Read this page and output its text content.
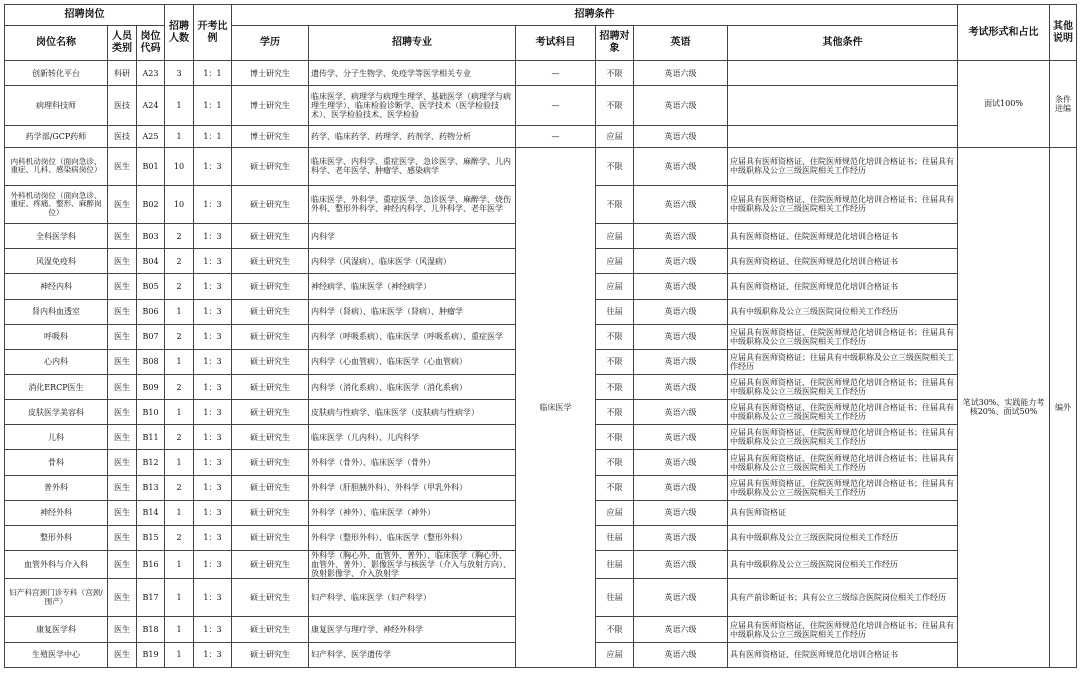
招聘岗位			招聘人数	开考比例	招聘条件						考试形式和占比	其他说明
岗位名称	人员类别	岗位代码			学历	招聘专业	考试科目	招聘对象	英语	其他条件		
创新转化平台	科研	A23	3	1：1	博士研究生	遗传学、分子生物学、免疫学等医学相关专业	—	不限	英语六级		面试100%	条件进编
病理科技师	医技	A24	1	1：1	博士研究生	临床医学、病理学与病理生理学、基础医学（病理学与病理生理学）、临床检验诊断学、医学技术（医学检验技术）、医学检验技术、医学检验	—	不限	英语六级			
药学部/GCP药师	医技	A25	1	1：1	博士研究生	药学、临床药学、药理学、药剂学、药物分析	—	应届	英语六级			
内科机动岗位（面向急诊、重症、儿科、感染病岗位）	医生	B01	10	1：3	硕士研究生	临床医学、内科学、重症医学、急诊医学、麻醉学、儿内科学、老年医学、肿瘤学、感染病学	临床医学	不限	英语六级	应届具有医师资格证、住院医师规范化培训合格证书；往届具有中级职称及公立三级医院相关工作经历	笔试30%、实践能力考核20%、面试50%	编外
外科机动岗位（面向急诊、重症、疼痛、整形、麻醉岗位）	医生	B02	10	1：3	硕士研究生	临床医学、外科学、重症医学、急诊医学、麻醉学、烧伤外科、整形外科学、神经内科学、儿外科学、老年医学		不限	英语六级	应届具有医师资格证、住院医师规范化培训合格证书；往届具有中级职称及公立三级医院相关工作经历		
全科医学科	医生	B03	2	1：3	硕士研究生	内科学		应届	英语六级	具有医师资格证、住院医师规范化培训合格证书		
风湿免疫科	医生	B04	2	1：3	硕士研究生	内科学（风湿病）、临床医学（风湿病）		应届	英语六级	具有医师资格证、住院医师规范化培训合格证书		
神经内科	医生	B05	2	1：3	硕士研究生	神经病学、临床医学（神经病学）		应届	英语六级	具有医师资格证、住院医师规范化培训合格证书		
肾内科血透室	医生	B06	1	1：3	硕士研究生	内科学（肾病）、临床医学（肾病）、肿瘤学		往届	英语六级	具有中级职称及公立三级医院岗位相关工作经历		
呼吸科	医生	B07	2	1：3	硕士研究生	内科学（呼吸系病）、临床医学（呼吸系病）、重症医学		不限	英语六级	应届具有医师资格证、住院医师规范化培训合格证书；往届具有中级职称及公立三级医院相关工作经历		
心内科	医生	B08	1	1：3	硕士研究生	内科学（心血管病）、临床医学（心血管病）		不限	英语六级	应届具有医师资格证；往届具有中级职称及公立三级医院相关工作经历		
消化ERCP医生	医生	B09	2	1：3	硕士研究生	内科学（消化系病）、临床医学（消化系病）		不限	英语六级	应届具有医师资格证、住院医师规范化培训合格证书；往届具有中级职称及公立三级医院相关工作经历		
皮肤医学美容科	医生	B10	1	1：3	硕士研究生	皮肤病与性病学、临床医学（皮肤病与性病学）		不限	英语六级	应届具有医师资格证、住院医师规范化培训合格证书；往届具有中级职称及公立三级医院相关工作经历		
儿科	医生	B11	2	1：3	硕士研究生	临床医学（儿内科）、儿内科学		不限	英语六级	应届具有医师资格证、住院医师规范化培训合格证书；往届具有中级职称及公立三级医院相关工作经历		
骨科	医生	B12	1	1：3	硕士研究生	外科学（骨外）、临床医学（骨外）		不限	英语六级	应届具有医师资格证、住院医师规范化培训合格证书；往届具有中级职称及公立三级医院相关工作经历		
普外科	医生	B13	2	1：3	硕士研究生	外科学（肝胆胰外科）、外科学（甲乳外科）		不限	英语六级	应届具有医师资格证、住院医师规范化培训合格证书；往届具有中级职称及公立三级医院相关工作经历		
神经外科	医生	B14	1	1：3	硕士研究生	外科学（神外）、临床医学（神外）		应届	英语六级	具有医师资格证		
整形外科	医生	B15	2	1：3	硕士研究生	外科学（整形外科）、临床医学（整形外科）		往届	英语六级	具有中级职称及公立三级医院岗位相关工作经历		
血管外科与介入科	医生	B16	1	1：3	硕士研究生	外科学（胸心外、血管外、普外）、临床医学（胸心外、血管外、普外）、影像医学与核医学（介入与放射方向）、放射影像学、介入放射学		往届	英语六级	具有中级职称及公立三级医院岗位相关工作经历		
妇产科宫颈门诊专科（宫颈/围产）	医生	B17	1	1：3	硕士研究生	妇产科学、临床医学（妇产科学）		往届	英语六级	具有产前诊断证书；具有公立三级综合医院岗位相关工作经历		
康复医学科	医生	B18	1	1：3	硕士研究生	康复医学与理疗学、神经外科学		不限	英语六级	应届具有医师资格证、住院医师规范化培训合格证书；往届具有中级职称及公立三级医院相关工作经历		
生殖医学中心	医生	B19	1	1：3	硕士研究生	妇产科学、医学遗传学		应届	英语六级	具有医师资格证、住院医师规范化培训合格证书		
